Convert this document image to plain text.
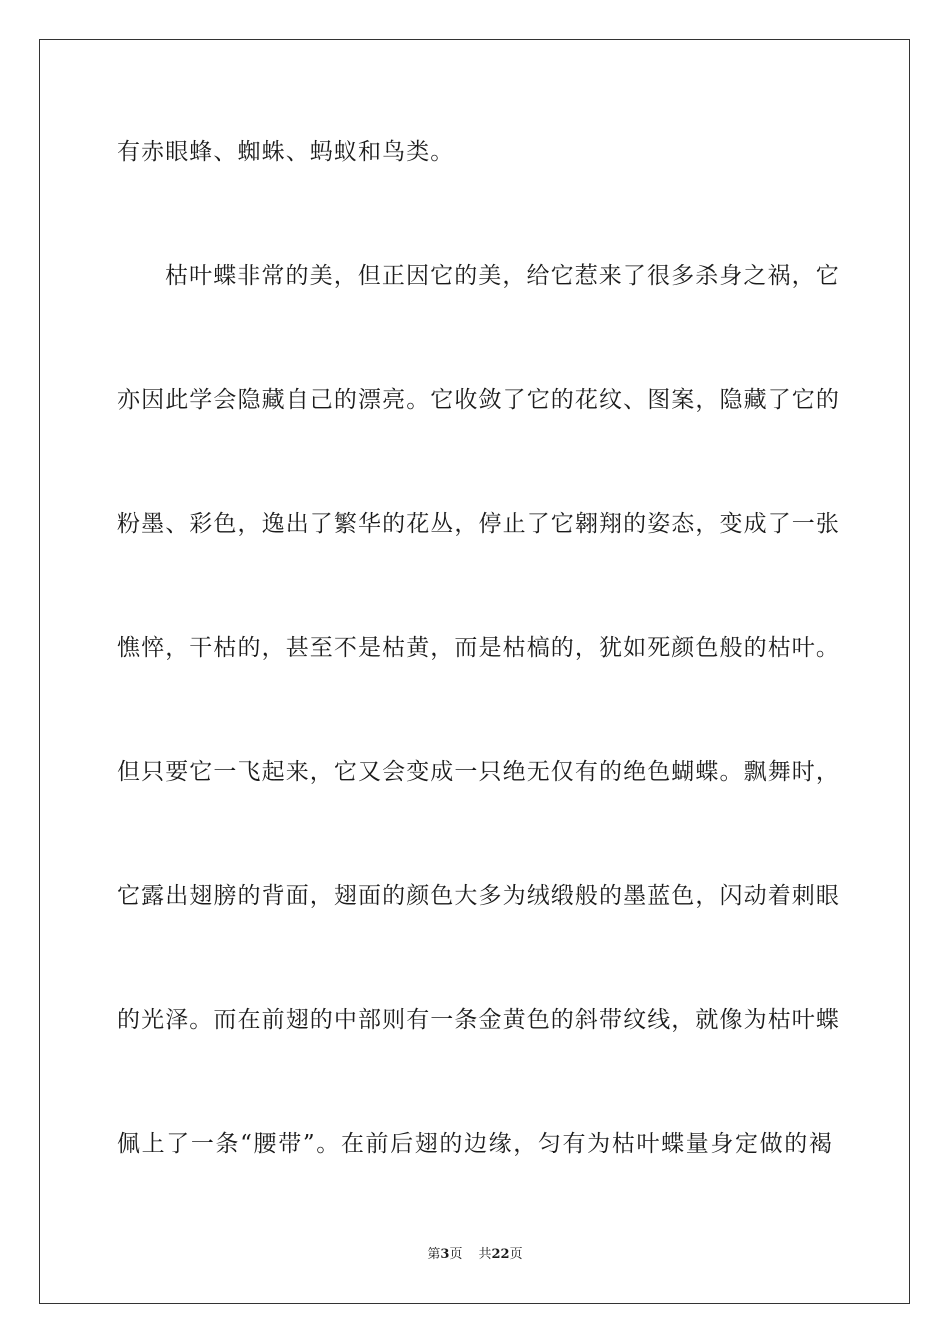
有赤眼蜂、蜘蛛、蚂蚁和鸟类。
枯叶蝶非常的美，但正因它的美，给它惹来了很多杀身之祸，它
亦因此学会隐藏自己的漂亮。它收敛了它的花纹、图案，隐藏了它的
粉墨、彩色，逸出了繁华的花丛，停止了它翱翔的姿态，变成了一张
憔悴，干枯的，甚至不是枯黄，而是枯槁的，犹如死颜色般的枯叶。
但只要它一飞起来，它又会变成一只绝无仅有的绝色蝴蝶。飘舞时，
它露出翅膀的背面，翅面的颜色大多为绒缎般的墨蓝色，闪动着刺眼
的光泽。而在前翅的中部则有一条金黄色的斜带纹线，就像为枯叶蝶
佩上了一条“腰带”。在前后翅的边缘，匀有为枯叶蝶量身定做的褐
第3页 共22页
